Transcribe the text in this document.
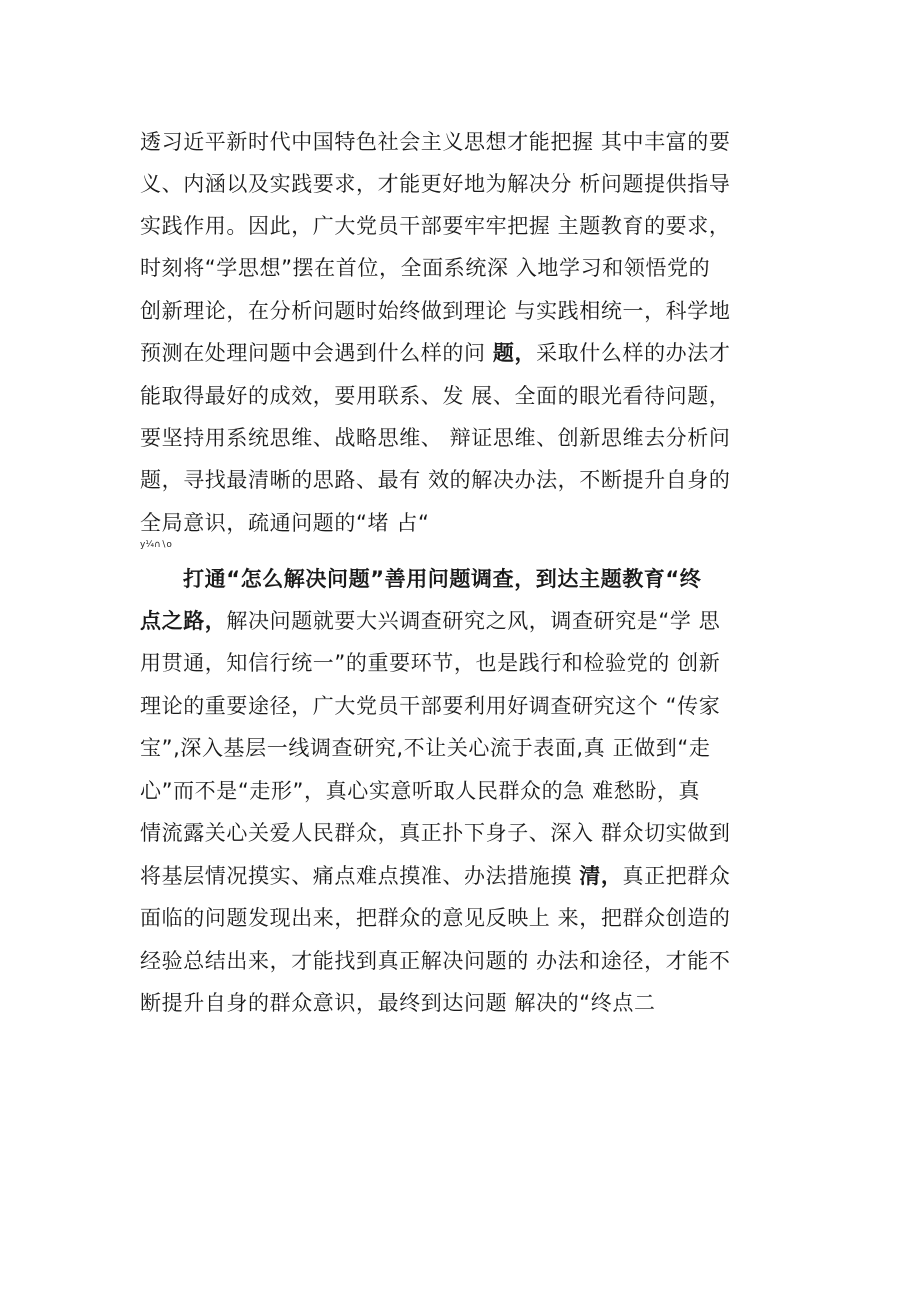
透习近平新时代中国特色社会主义思想才能把握 其中丰富的要
义、内涵以及实践要求，才能更好地为解决分 析问题提供指导
实践作用。因此，广大党员干部要牢牢把握 主题教育的要求，
时刻将“学思想”摆在首位，全面系统深 入地学习和领悟党的
创新理论，在分析问题时始终做到理论 与实践相统一，科学地
预测在处理问题中会遇到什么样的问 题，采取什么样的办法才
能取得最好的成效，要用联系、发 展、全面的眼光看待问题，
要坚持用系统思维、战略思维、 辩证思维、创新思维去分析问
题，寻找最清晰的思路、最有 效的解决办法，不断提升自身的
全局意识，疏通问题的“堵 占“
y¼∩∖o
打通“怎么解决问题”善用问题调查，到达主题教育“终
点之路，解决问题就要大兴调查研究之风，调查研究是“学 思
用贯通，知信行统一”的重要环节，也是践行和检验党的 创新
理论的重要途径，广大党员干部要利用好调查研究这个 “传家
宝”,深入基层一线调查研究,不让关心流于表面,真 正做到“走
心”而不是“走形”，真心实意听取人民群众的急 难愁盼，真
情流露关心关爱人民群众，真正扑下身子、深入 群众切实做到
将基层情况摸实、痛点难点摸准、办法措施摸 清，真正把群众
面临的问题发现出来，把群众的意见反映上 来，把群众创造的
经验总结出来，才能找到真正解决问题的 办法和途径，才能不
断提升自身的群众意识，最终到达问题 解决的“终点二
